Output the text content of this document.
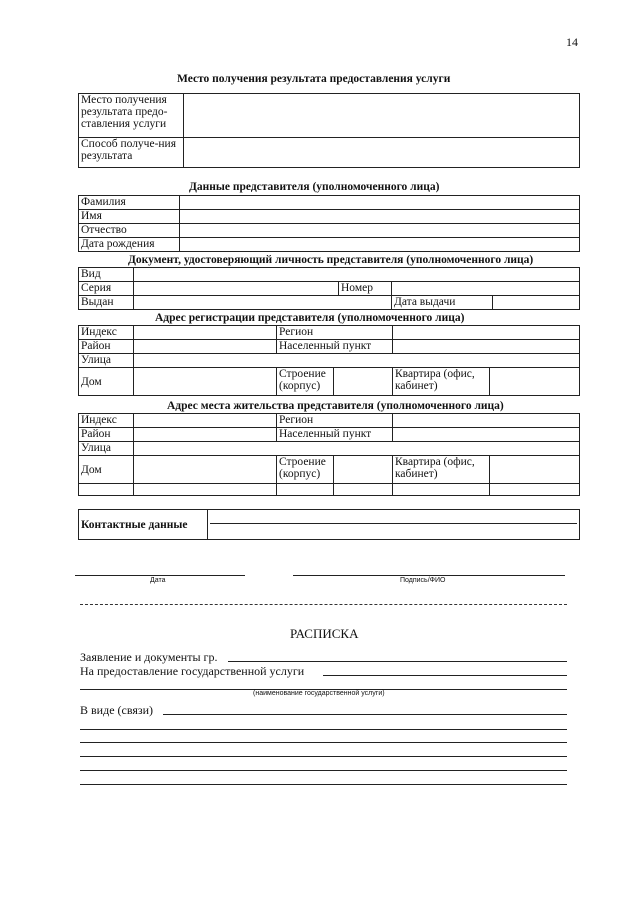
14
Место получения результата предоставления услуги
Место получения результата предо-ставления услуги	
Способ получе-ния результата	
Данные представителя (уполномоченного лица)
Фамилия	
Имя	
Отчество	
Дата рождения	
Документ, удостоверяющий личность представителя (уполномоченного лица)
Вид				
Серия		Номер		
Выдан			Дата выдачи	
Адрес регистрации представителя (уполномоченного лица)
Индекс		Регион			
Район		Населенный пункт			
Улица					
Дом		Строение (корпус)		Квартира (офис, кабинет)	
Адрес места жительства представителя (уполномоченного лица)
Индекс		Регион			
Район		Населенный пункт			
Улица					
Дом		Строение (корпус)		Квартира (офис, кабинет)	

Контактные данные	
Дата	Подпись/ФИО
РАСПИСКА
Заявление и документы гр.
На предоставление государственной услуги
(наименование государственной услуги)
В виде (связи)
